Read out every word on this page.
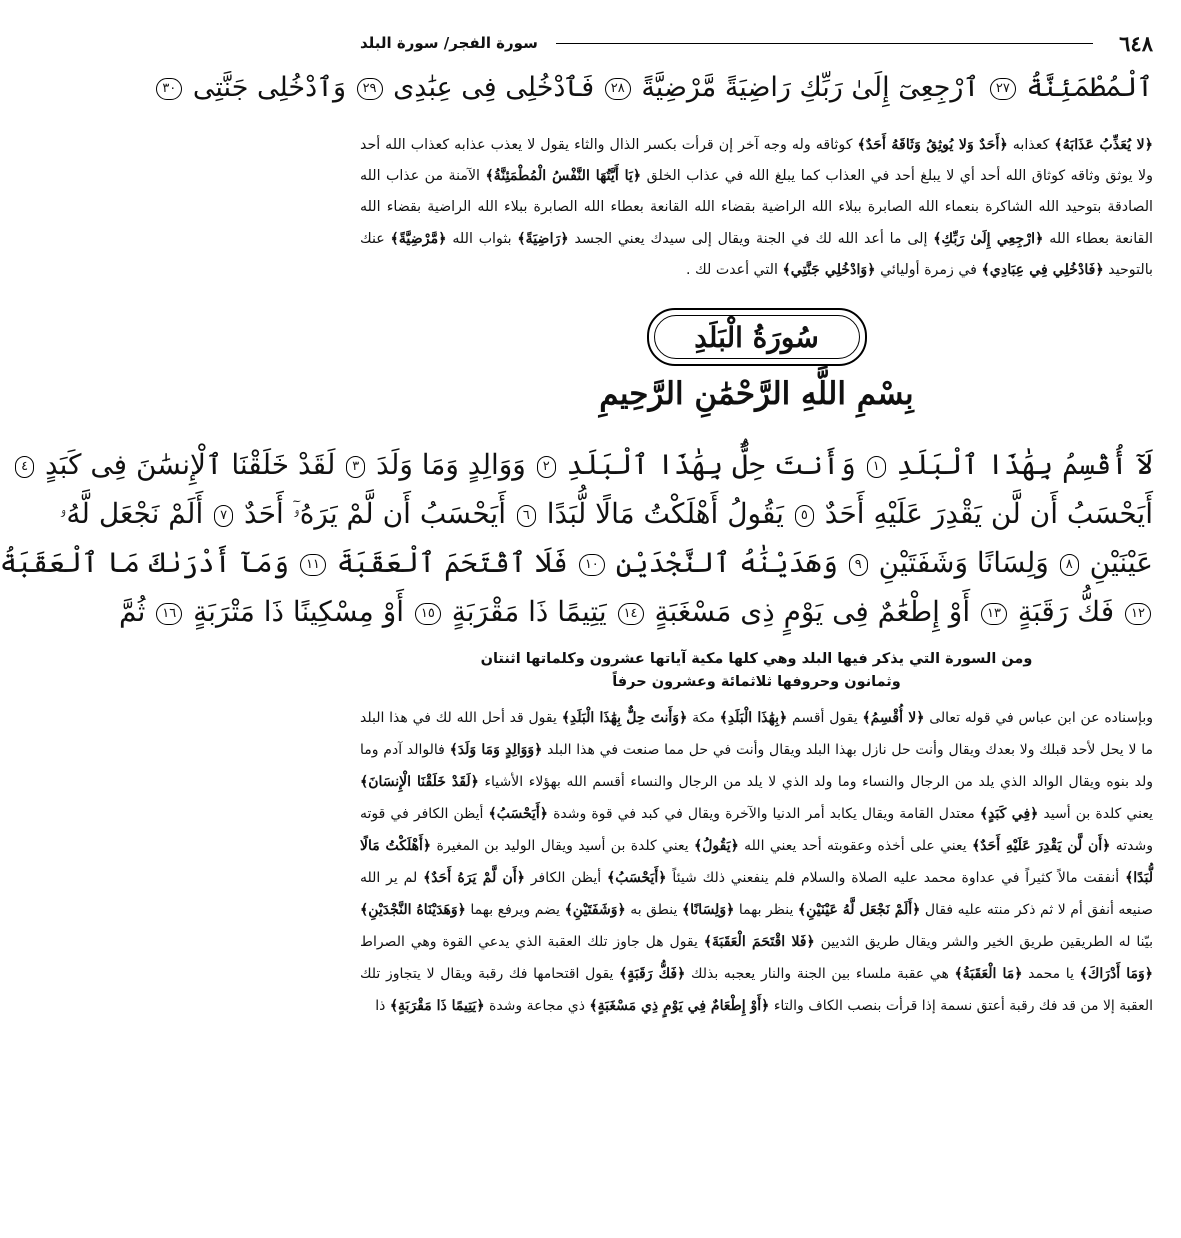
٦٤٨
سورة الفجر/ سورة البلد
ٱلْمُطْمَئِنَّةُ ٢٧ ٱرْجِعِىٓ إِلَىٰ رَبِّكِ رَاضِيَةً مَّرْضِيَّةً ٢٨ فَٱدْخُلِى فِى عِبَٰدِى ٢٩ وَٱدْخُلِى جَنَّتِى ٣٠
﴿لا يُعَذِّبُ عَذَابَهُ﴾ كعذابه ﴿أَحَدٌ وَلا يُوثِقُ وَثَاقَهُ أَحَدٌ﴾ كوثاقه وله وجه آخر إن قرأت بكسر الذال والثاء يقول لا يعذب عذابه كعذاب الله أحد ولا يوثق وثاقه كوثاق الله أحد أي لا يبلغ أحد في العذاب كما يبلغ الله في عذاب الخلق ﴿يَا أَيَّتُهَا النَّفْسُ الْمُطْمَئِنَّةُ﴾ الآمنة من عذاب الله الصادقة بتوحيد الله الشاكرة بنعماء الله الصابرة ببلاء الله الراضية بقضاء الله القانعة بعطاء الله الصابرة ببلاء الله الراضية بقضاء الله القانعة بعطاء الله ﴿ارْجِعِي إِلَىٰ رَبِّكِ﴾ إلى ما أعد الله لك في الجنة ويقال إلى سيدك يعني الجسد ﴿رَاضِيَةً﴾ بثواب الله ﴿مَّرْضِيَّةً﴾ عنك بالتوحيد ﴿فَادْخُلِي فِي عِبَادِي﴾ في زمرة أوليائي ﴿وَادْخُلِي جَنَّتِي﴾ التي أعدت لك .
سُورَةُ الْبَلَدِ
بِسْمِ اللَّهِ الرَّحْمَٰنِ الرَّحِيمِ
لَآ أُقْسِمُ بِهَٰذَا ٱلْبَلَدِ ١ وَأَنتَ حِلٌّۢ بِهَٰذَا ٱلْبَلَدِ ٢ وَوَالِدٍ وَمَا وَلَدَ ٣ لَقَدْ خَلَقْنَا ٱلْإِنسَٰنَ فِى كَبَدٍ ٤
أَيَحْسَبُ أَن لَّن يَقْدِرَ عَلَيْهِ أَحَدٌ ٥ يَقُولُ أَهْلَكْتُ مَالًا لُّبَدًا ٦ أَيَحْسَبُ أَن لَّمْ يَرَهُۥٓ أَحَدٌ ٧ أَلَمْ نَجْعَل لَّهُۥ
عَيْنَيْنِ ٨ وَلِسَانًا وَشَفَتَيْنِ ٩ وَهَدَيْنَٰهُ ٱلنَّجْدَيْنِ ١٠ فَلَا ٱقْتَحَمَ ٱلْعَقَبَةَ ١١ وَمَآ أَدْرَىٰكَ مَا ٱلْعَقَبَةُ
١٢ فَكُّ رَقَبَةٍ ١٣ أَوْ إِطْعَٰمٌ فِى يَوْمٍ ذِى مَسْغَبَةٍ ١٤ يَتِيمًا ذَا مَقْرَبَةٍ ١٥ أَوْ مِسْكِينًا ذَا مَتْرَبَةٍ ١٦ ثُمَّ
ومن السورة التي يذكر فيها البلد وهي كلها مكية آياتها عشرون وكلماتها اثنتان
وثمانون وحروفها ثلاثمائة وعشرون حرفاً
وبإسناده عن ابن عباس في قوله تعالى ﴿لا أُقْسِمُ﴾ يقول أقسم ﴿بِهَٰذَا الْبَلَدِ﴾ مكة ﴿وَأَنتَ حِلٌّ بِهَٰذَا الْبَلَدِ﴾ يقول قد أحل الله لك في هذا البلد ما لا يحل لأحد قبلك ولا بعدك ويقال وأنت حل نازل بهذا البلد ويقال وأنت في حل مما صنعت في هذا البلد ﴿وَوَالِدٍ وَمَا وَلَدَ﴾ فالوالد آدم وما ولد بنوه ويقال الوالد الذي يلد من الرجال والنساء وما ولد الذي لا يلد من الرجال والنساء أقسم الله بهؤلاء الأشياء ﴿لَقَدْ خَلَقْنَا الْإِنسَانَ﴾ يعني كلدة بن أسيد ﴿فِي كَبَدٍ﴾ معتدل القامة ويقال يكابد أمر الدنيا والآخرة ويقال في كبد في قوة وشدة ﴿أَيَحْسَبُ﴾ أيظن الكافر في قوته وشدته ﴿أَن لَّن يَقْدِرَ عَلَيْهِ أَحَدٌ﴾ يعني على أخذه وعقوبته أحد يعني الله ﴿يَقُولُ﴾ يعني كلدة بن أسيد ويقال الوليد بن المغيرة ﴿أَهْلَكْتُ مَالًا لُّبَدًا﴾ أنفقت مالاً كثيراً في عداوة محمد عليه الصلاة والسلام فلم ينفعني ذلك شيئاً ﴿أَيَحْسَبُ﴾ أيظن الكافر ﴿أَن لَّمْ يَرَهُ أَحَدٌ﴾ لم ير الله صنيعه أنفق أم لا ثم ذكر منته عليه فقال ﴿أَلَمْ نَجْعَل لَّهُ عَيْنَيْنِ﴾ ينظر بهما ﴿وَلِسَانًا﴾ ينطق به ﴿وَشَفَتَيْنِ﴾ يضم ويرفع بهما ﴿وَهَدَيْنَاهُ النَّجْدَيْنِ﴾ بيّنا له الطريقين طريق الخير والشر ويقال طريق الثديين ﴿فَلا اقْتَحَمَ الْعَقَبَةَ﴾ يقول هل جاوز تلك العقبة الذي يدعي القوة وهي الصراط ﴿وَمَا أَدْرَاكَ﴾ يا محمد ﴿مَا الْعَقَبَةُ﴾ هي عقبة ملساء بين الجنة والنار يعجبه بذلك ﴿فَكُّ رَقَبَةٍ﴾ يقول اقتحامها فك رقبة ويقال لا يتجاوز تلك العقبة إلا من قد فك رقبة أعتق نسمة إذا قرأت بنصب الكاف والتاء ﴿أَوْ إِطْعَامٌ فِي يَوْمٍ ذِي مَسْغَبَةٍ﴾ ذي مجاعة وشدة ﴿يَتِيمًا ذَا مَقْرَبَةٍ﴾ ذا
